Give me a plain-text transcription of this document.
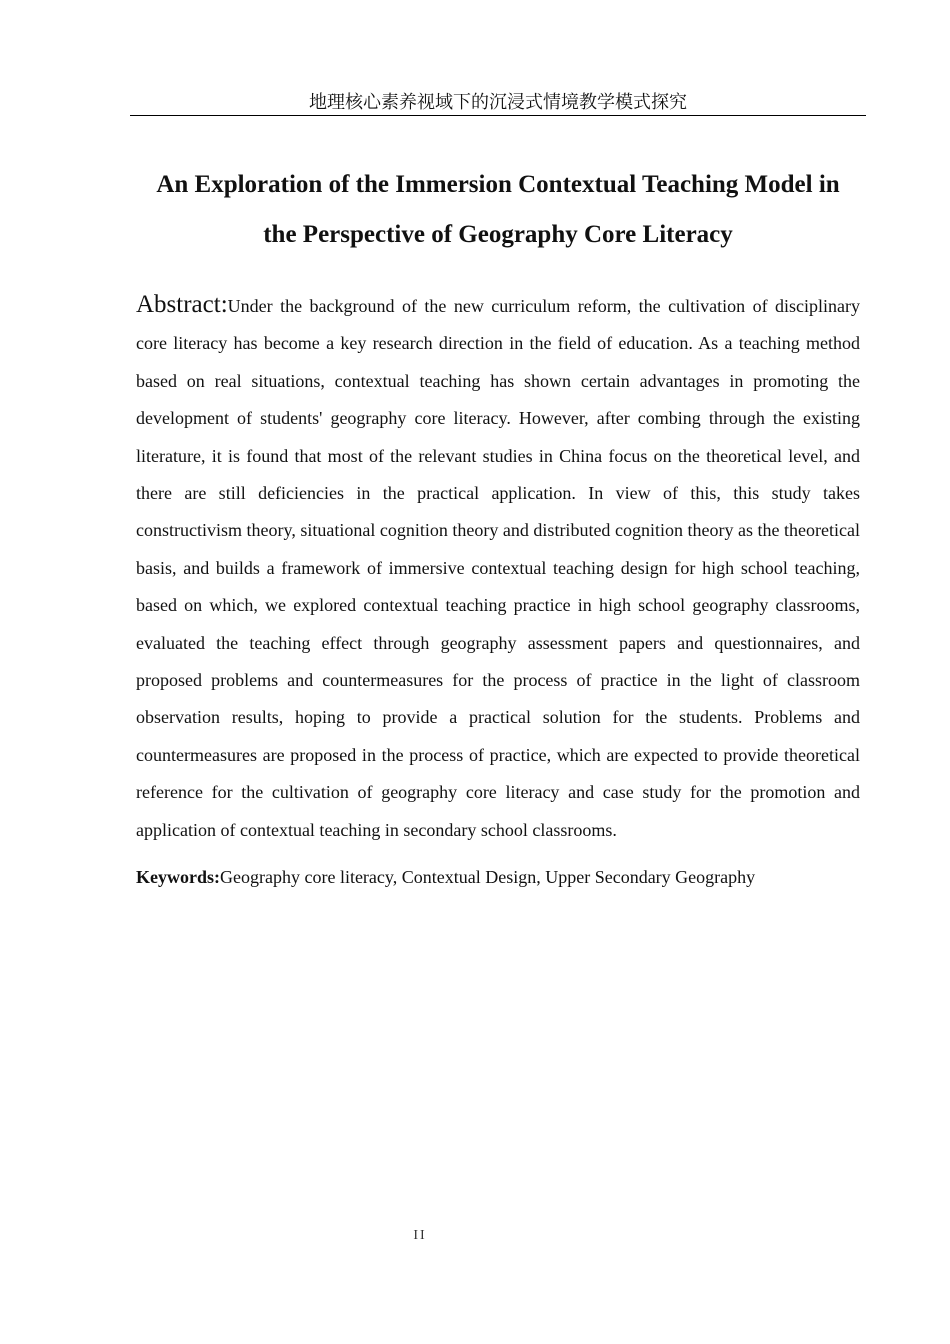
地理核心素养视域下的沉浸式情境教学模式探究
An Exploration of the Immersion Contextual Teaching Model in
the Perspective of Geography Core Literacy

Abstract:Under the background of the new curriculum reform, the cultivation of disciplinary core literacy has become a key research direction in the field of education. As a teaching method based on real situations, contextual teaching has shown certain advantages in promoting the development of students' geography core literacy. However, after combing through the existing literature, it is found that most of the relevant studies in China focus on the theoretical level, and there are still deficiencies in the practical application. In view of this, this study takes constructivism theory, situational cognition theory and distributed cognition theory as the theoretical basis, and builds a framework of immersive contextual teaching design for high school teaching, based on which, we explored contextual teaching practice in high school geography classrooms, evaluated the teaching effect through geography assessment papers and questionnaires, and proposed problems and countermeasures for the process of practice in the light of classroom observation results, hoping to provide a practical solution for the students. Problems and countermeasures are proposed in the process of practice, which are expected to provide theoretical reference for the cultivation of geography core literacy and case study for the promotion and application of contextual teaching in secondary school classrooms.

Keywords:Geography core literacy, Contextual Design, Upper Secondary Geography

II
